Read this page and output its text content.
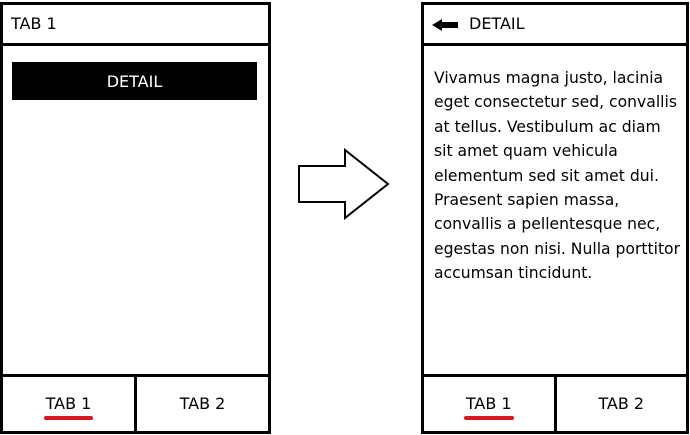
TAB 1
DETAIL
TAB 1	TAB 2
DETAIL
Vivamus magna justo, lacinia eget consectetur sed, convallis at tellus. Vestibulum ac diam sit amet quam vehicula elementum sed sit amet dui. Praesent sapien massa, convallis a pellentesque nec, egestas non nisi. Nulla porttitor accumsan tincidunt.
TAB 1	TAB 2
